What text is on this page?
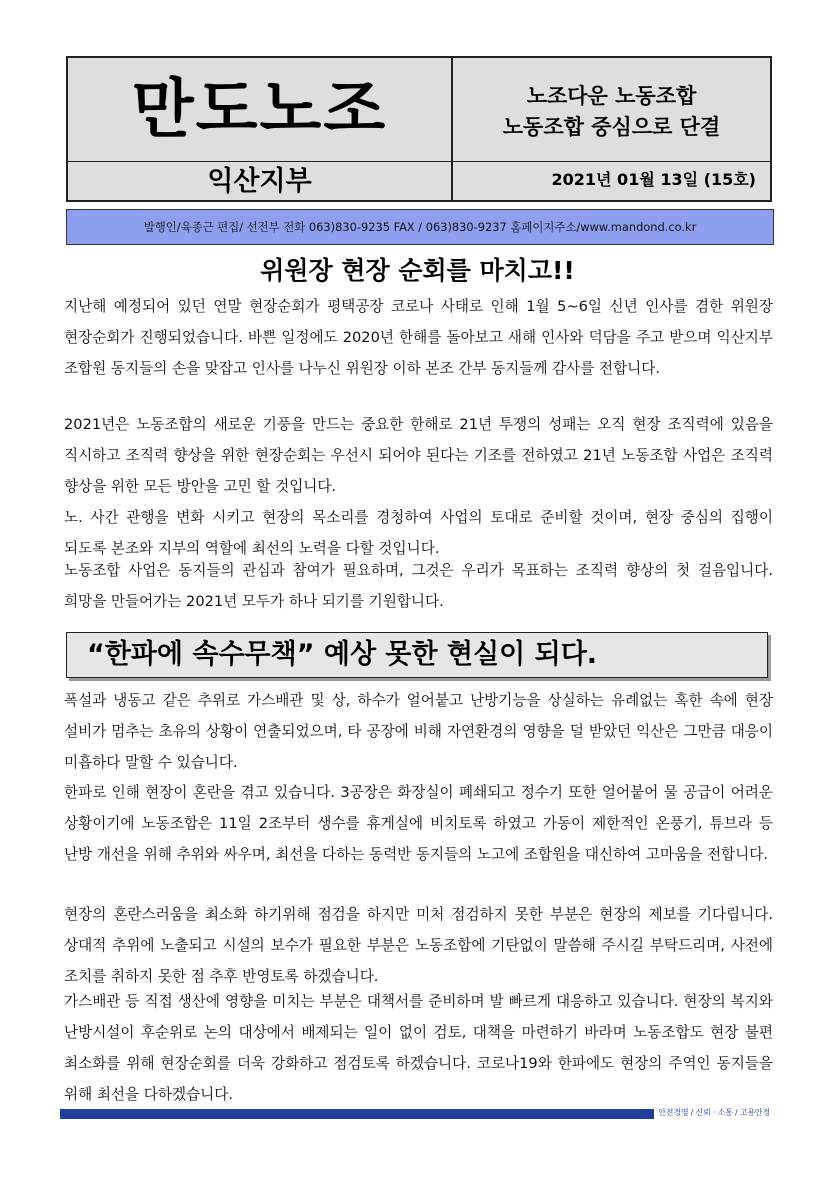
만도노조
익산지부
노조다운 노동조합
노동조합 중심으로 단결
2021년 01월 13일 (15호)
발행인/육종근 편집/ 선전부 전화 063)830-9235 FAX / 063)830-9237 홈페이지주소/www.mandond.co.kr
위원장 현장 순회를 마치고!!

지난해 예정되어 있던 연말 현장순회가 평택공장 코로나 사태로 인해 1월 5~6일 신년 인사를 겸한 위원장 현장순회가 진행되었습니다. 바쁜 일정에도 2020년 한해를 돌아보고 새해 인사와 덕담을 주고 받으며 익산지부 조합원 동지들의 손을 맞잡고 인사를 나누신 위원장 이하 본조 간부 동지들께 감사를 전합니다.

2021년은 노동조합의 새로운 기풍을 만드는 중요한 한해로 21년 투쟁의 성패는 오직 현장 조직력에 있음을 직시하고 조직력 향상을 위한 현장순회는 우선시 되어야 된다는 기조를 전하였고 21년 노동조합 사업은 조직력 향상을 위한 모든 방안을 고민 할 것입니다.

노. 사간 관행을 변화 시키고 현장의 목소리를 경청하여 사업의 토대로 준비할 것이며, 현장 중심의 집행이 되도록 본조와 지부의 역할에 최선의 노력을 다할 것입니다.

노동조합 사업은 동지들의 관심과 참여가 필요하며, 그것은 우리가 목표하는 조직력 향상의 첫 걸음입니다. 희망을 만들어가는 2021년 모두가 하나 되기를 기원합니다.

“한파에 속수무책” 예상 못한 현실이 되다.

폭설과 냉동고 같은 추위로 가스배관 및 상, 하수가 얼어붙고 난방기능을 상실하는 유례없는 혹한 속에 현장 설비가 멈추는 초유의 상황이 연출되었으며, 타 공장에 비해 자연환경의 영향을 덜 받았던 익산은 그만큼 대응이 미흡하다 말할 수 있습니다.

한파로 인해 현장이 혼란을 겪고 있습니다. 3공장은 화장실이 폐쇄되고 정수기 또한 얼어붙어 물 공급이 어려운 상황이기에 노동조합은 11일 2조부터 생수를 휴게실에 비치토록 하였고 가동이 제한적인 온풍기, 튜브라 등 난방 개선을 위해 추위와 싸우며, 최선을 다하는 동력반 동지들의 노고에 조합원을 대신하여 고마움을 전합니다.

현장의 혼란스러움을 최소화 하기위해 점검을 하지만 미처 점검하지 못한 부분은 현장의 제보를 기다립니다. 상대적 추위에 노출되고 시설의 보수가 필요한 부분은 노동조합에 기탄없이 말씀해 주시길 부탁드리며, 사전에 조치를 취하지 못한 점 추후 반영토록 하겠습니다.

가스배관 등 직접 생산에 영향을 미치는 부분은 대책서를 준비하며 발 빠르게 대응하고 있습니다. 현장의 복지와 난방시설이 후순위로 논의 대상에서 배제되는 일이 없이 검토, 대책을 마련하기 바라며 노동조합도 현장 불편 최소화를 위해 현장순회를 더욱 강화하고 점검토록 하겠습니다. 코로나19와 한파에도 현장의 주역인 동지들을 위해 최선을 다하겠습니다.

안전경영 / 신뢰 · 소통 / 고용안정
